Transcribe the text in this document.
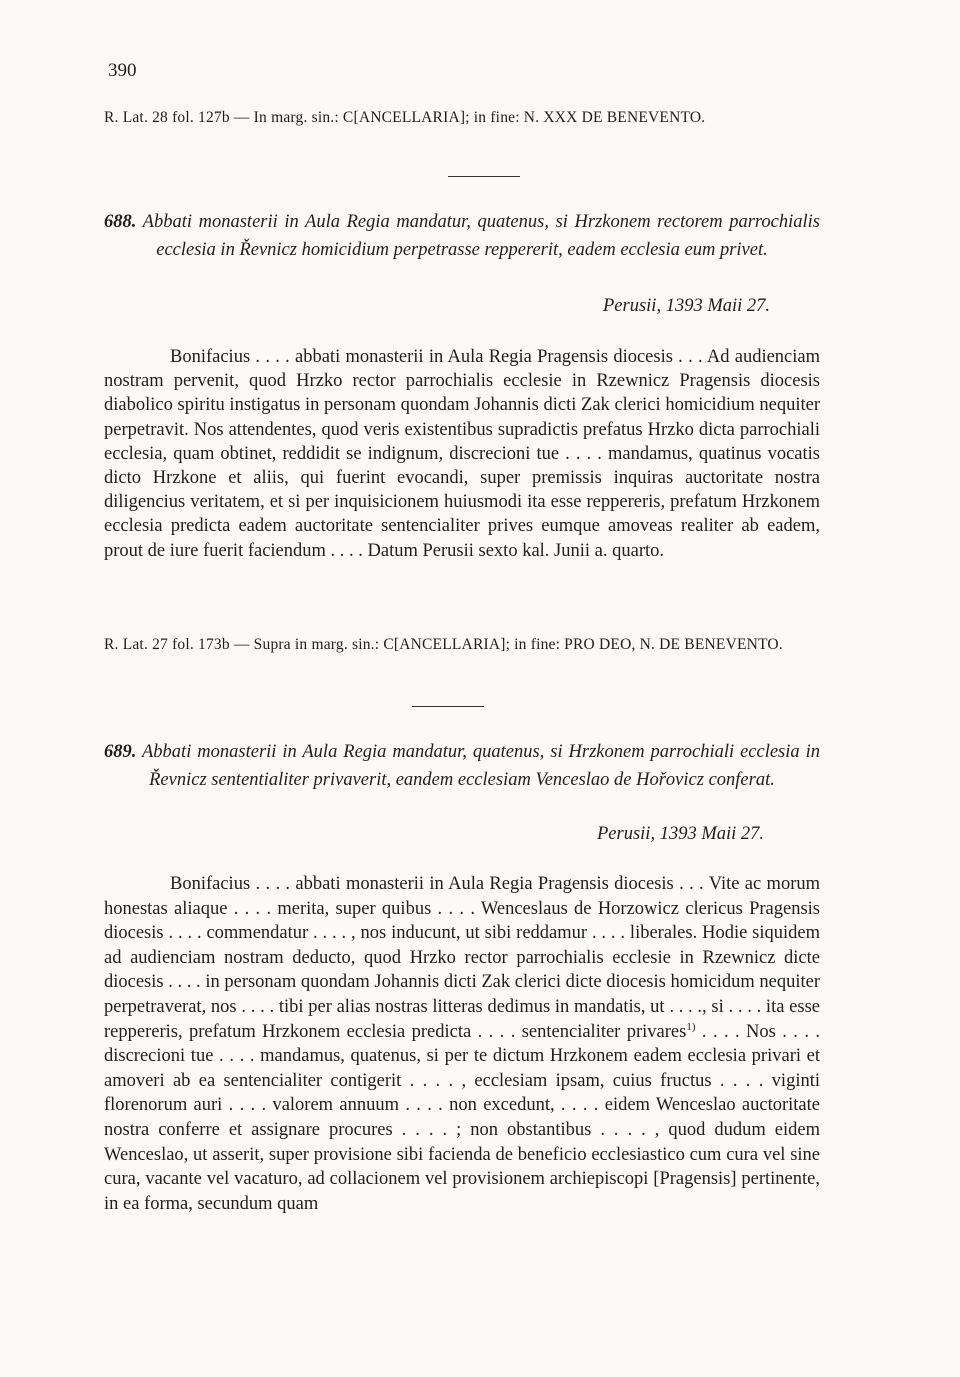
390
R. Lat. 28 fol. 127b — In marg. sin.: C[ANCELLARIA]; in fine: N. XXX DE BENEVENTO.
688. Abbati monasterii in Aula Regia mandatur, quatenus, si Hrzkonem rectorem parrochialis ecclesia in Řevnicz homicidium perpetrasse reppererit, eadem ecclesia eum privet.
Perusii, 1393 Maii 27.
Bonifacius . . . . abbati monasterii in Aula Regia Pragensis diocesis . . . Ad audienciam nostram pervenit, quod Hrzko rector parrochialis ecclesie in Rzewnicz Pragensis diocesis diabolico spiritu instigatus in personam quondam Johannis dicti Zak clerici homicidium nequiter perpetravit. Nos attendentes, quod veris existentibus supradictis prefatus Hrzko dicta parrochiali ecclesia, quam obtinet, reddidit se indignum, discrecioni tue . . . . mandamus, quatinus vocatis dicto Hrzkone et aliis, qui fuerint evocandi, super premissis inquiras auctoritate nostra diligencius veritatem, et si per inquisicionem huiusmodi ita esse reppereris, prefatum Hrzkonem ecclesia predicta eadem auctoritate sentencialiter prives eumque amoveas realiter ab eadem, prout de iure fuerit faciendum . . . . Datum Perusii sexto kal. Junii a. quarto.
R. Lat. 27 fol. 173b — Supra in marg. sin.: C[ANCELLARIA]; in fine: PRO DEO, N. DE BENEVENTO.
689. Abbati monasterii in Aula Regia mandatur, quatenus, si Hrzkonem parrochiali ecclesia in Řevnicz sententialiter privaverit, eandem ecclesiam Venceslao de Hořovicz conferat.
Perusii, 1393 Maii 27.
Bonifacius . . . . abbati monasterii in Aula Regia Pragensis diocesis . . . Vite ac morum honestas aliaque . . . . merita, super quibus . . . . Wenceslaus de Horzowicz clericus Pragensis diocesis . . . . commendatur . . . . , nos inducunt, ut sibi reddamur . . . . liberales. Hodie siquidem ad audienciam nostram deducto, quod Hrzko rector parrochialis ecclesie in Rzewnicz dicte diocesis . . . . in personam quondam Johannis dicti Zak clerici dicte diocesis homicidum nequiter perpetraverat, nos . . . . tibi per alias nostras litteras dedimus in mandatis, ut . . . ., si . . . . ita esse reppereris, prefatum Hrzkonem ecclesia predicta . . . . sentencialiter privares$^{1)}$ . . . . Nos . . . . discrecioni tue . . . . mandamus, quatenus, si per te dictum Hrzkonem eadem ecclesia privari et amoveri ab ea sentencialiter contigerit . . . . , ecclesiam ipsam, cuius fructus . . . . viginti florenorum auri . . . . valorem annuum . . . . non excedunt, . . . . eidem Wenceslao auctoritate nostra conferre et assignare procures . . . . ; non obstantibus . . . . , quod dudum eidem Wenceslao, ut asserit, super provisione sibi facienda de beneficio ecclesiastico cum cura vel sine cura, vacante vel vacaturo, ad collacionem vel provisionem archiepiscopi [Pragensis] pertinente, in ea forma, secundum quam
